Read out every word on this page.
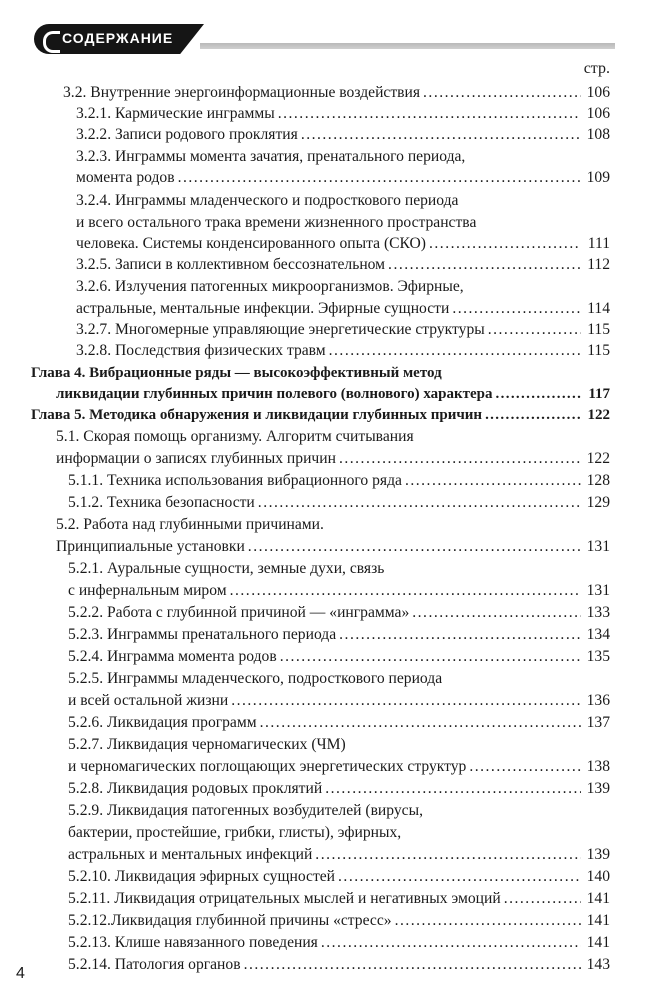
СОДЕРЖАНИЕ
стр.
3.2. Внутренние энергоинформационные воздействия . . .	106
3.2.1. Кармические инграммы . . .	106
3.2.2. Записи родового проклятия . . .	108
3.2.3. Инграммы момента зачатия, пренатального периода,
момента родов . . .	109
3.2.4. Инграммы младенческого и подросткового периода
и всего остального трака времени жизненного пространства
человека. Системы конденсированного опыта (СКО) . . .	111
3.2.5. Записи в коллективном бессознательном . . .	112
3.2.6. Излучения патогенных микроорганизмов. Эфирные,
астральные, ментальные инфекции. Эфирные сущности . . .	114
3.2.7. Многомерные управляющие энергетические структуры . . .	115
3.2.8. Последствия физических травм . . .	115
Глава 4. Вибрационные ряды — высокоэффективный метод
ликвидации глубинных причин полевого (волнового) характера . . .	117
Глава 5. Методика обнаружения и ликвидации глубинных причин . . .	122
5.1. Скорая помощь организму. Алгоритм считывания
информации о записях глубинных причин . . .	122
5.1.1. Техника использования вибрационного ряда . . .	128
5.1.2. Техника безопасности . . .	129
5.2. Работа над глубинными причинами.
Принципиальные установки . . .	131
5.2.1. Ауральные сущности, земные духи, связь
с инфернальным миром . . .	131
5.2.2. Работа с глубинной причиной — «инграмма» . . .	133
5.2.3. Инграммы пренатального периода . . .	134
5.2.4. Инграмма момента родов . . .	135
5.2.5. Инграммы младенческого, подросткового периода
и всей остальной жизни . . .	136
5.2.6. Ликвидация программ . . .	137
5.2.7. Ликвидация черномагических (ЧМ)
и черномагических поглощающих энергетических структур . . .	138
5.2.8. Ликвидация родовых проклятий . . .	139
5.2.9. Ликвидация патогенных возбудителей (вирусы,
бактерии, простейшие, грибки, глисты), эфирных,
астральных и ментальных инфекций . . .	139
5.2.10. Ликвидация эфирных сущностей . . .	140
5.2.11. Ликвидация отрицательных мыслей и негативных эмоций . . .	141
5.2.12.Ликвидация глубинной причины «стресс» . . .	141
5.2.13. Клише навязанного поведения . . .	141
5.2.14. Патология органов . . .	143
4
